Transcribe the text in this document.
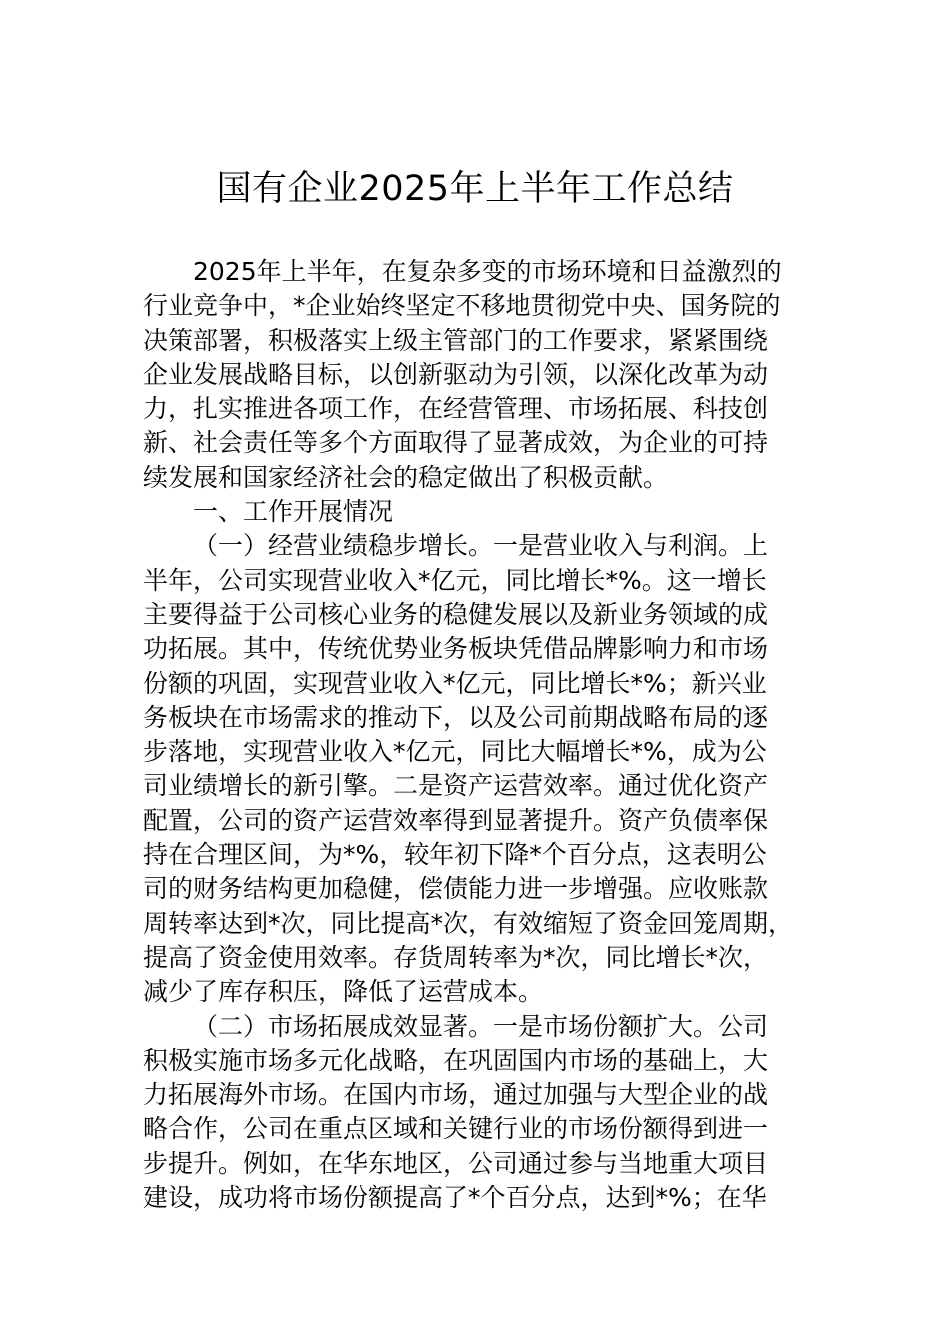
国有企业2025年上半年工作总结
2025年上半年，在复杂多变的市场环境和日益激烈的
行业竞争中，*企业始终坚定不移地贯彻党中央、国务院的
决策部署，积极落实上级主管部门的工作要求，紧紧围绕
企业发展战略目标，以创新驱动为引领，以深化改革为动
力，扎实推进各项工作，在经营管理、市场拓展、科技创
新、社会责任等多个方面取得了显著成效，为企业的可持
续发展和国家经济社会的稳定做出了积极贡献。
一、工作开展情况
（一）经营业绩稳步增长。一是营业收入与利润。上
半年，公司实现营业收入*亿元，同比增长*%。这一增长
主要得益于公司核心业务的稳健发展以及新业务领域的成
功拓展。其中，传统优势业务板块凭借品牌影响力和市场
份额的巩固，实现营业收入*亿元，同比增长*%；新兴业
务板块在市场需求的推动下，以及公司前期战略布局的逐
步落地，实现营业收入*亿元，同比大幅增长*%，成为公
司业绩增长的新引擎。二是资产运营效率。通过优化资产
配置，公司的资产运营效率得到显著提升。资产负债率保
持在合理区间，为*%，较年初下降*个百分点，这表明公
司的财务结构更加稳健，偿债能力进一步增强。应收账款
周转率达到*次，同比提高*次，有效缩短了资金回笼周期，
提高了资金使用效率。存货周转率为*次，同比增长*次，
减少了库存积压，降低了运营成本。
（二）市场拓展成效显著。一是市场份额扩大。公司
积极实施市场多元化战略，在巩固国内市场的基础上，大
力拓展海外市场。在国内市场，通过加强与大型企业的战
略合作，公司在重点区域和关键行业的市场份额得到进一
步提升。例如，在华东地区，公司通过参与当地重大项目
建设，成功将市场份额提高了*个百分点，达到*%；在华
